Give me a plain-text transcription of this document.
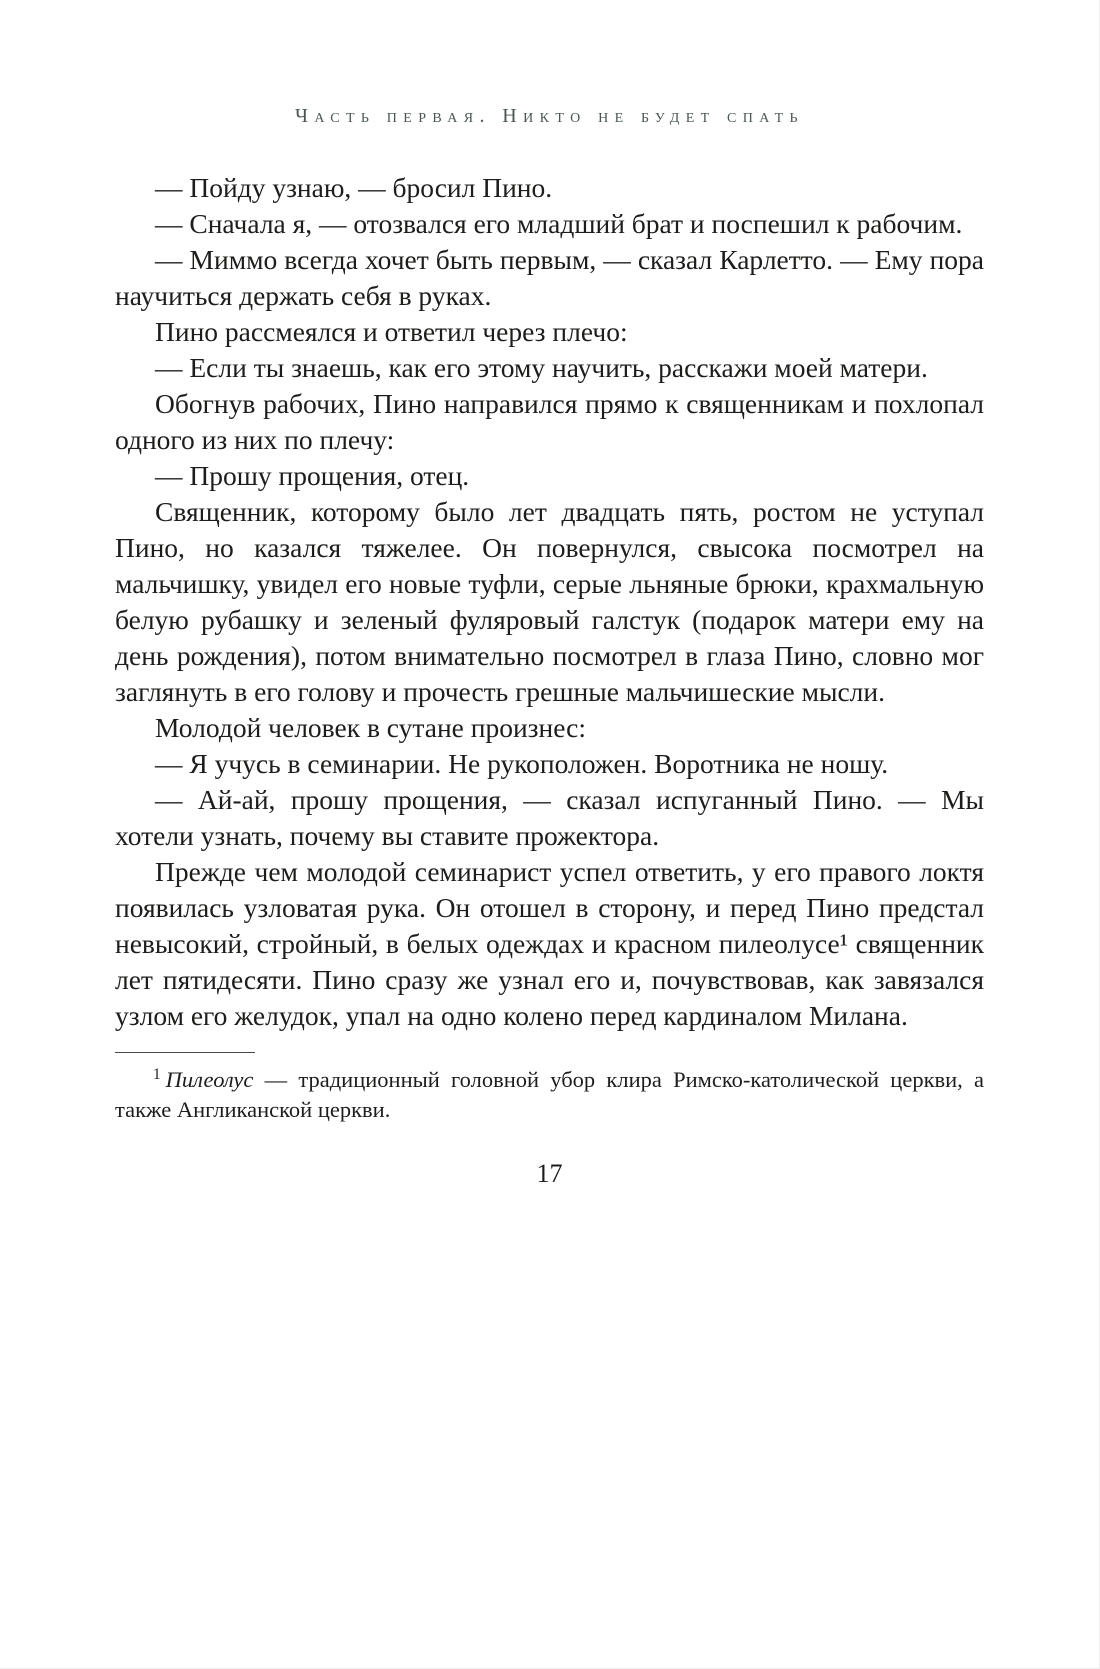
Часть первая. Никто не будет спать

— Пойду узнаю, — бросил Пино.

— Сначала я, — отозвался его младший брат и поспешил к рабочим.

— Миммо всегда хочет быть первым, — сказал Карлетто. — Ему пора научиться держать себя в руках.

Пино рассмеялся и ответил через плечо:

— Если ты знаешь, как его этому научить, расскажи моей матери.

Обогнув рабочих, Пино направился прямо к священникам и похлопал одного из них по плечу:

— Прошу прощения, отец.

Священник, которому было лет двадцать пять, ростом не уступал Пино, но казался тяжелее. Он повернулся, свысока посмотрел на мальчишку, увидел его новые туфли, серые льняные брюки, крахмальную белую рубашку и зеленый фуляровый галстук (подарок матери ему на день рождения), потом внимательно посмотрел в глаза Пино, словно мог заглянуть в его голову и прочесть грешные мальчишеские мысли.

Молодой человек в сутане произнес:

— Я учусь в семинарии. Не рукоположен. Воротника не ношу.

— Ай-ай, прошу прощения, — сказал испуганный Пино. — Мы хотели узнать, почему вы ставите прожектора.

Прежде чем молодой семинарист успел ответить, у его правого локтя появилась узловатая рука. Он отошел в сторону, и перед Пино предстал невысокий, стройный, в белых одеждах и красном пилеолусе¹ священник лет пятидесяти. Пино сразу же узнал его и, почувствовав, как завязался узлом его желудок, упал на одно колено перед кардиналом Милана.

$^1$ Пилеолус — традиционный головной убор клира Римско-католической церкви, а также Англиканской церкви.

17
